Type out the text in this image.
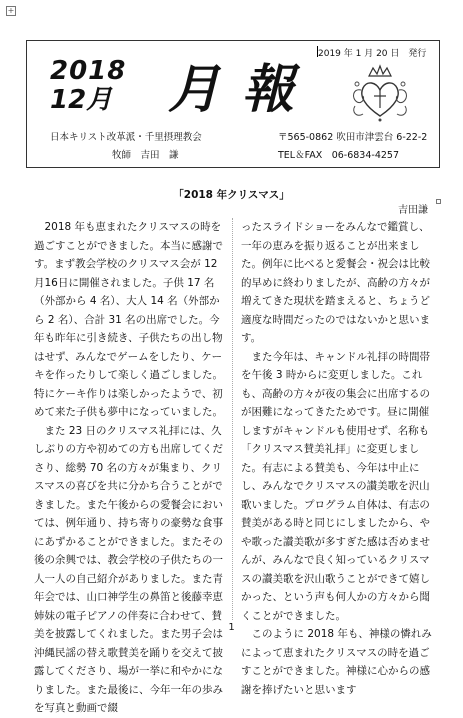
+
2019 年 1 月 20 日　発行
2018
12月 月報
日本キリスト改革派・千里摂理教会	〒565-0862 吹田市津雲台 6-22-2
牧師　吉田　謙	TEL＆FAX　06-6834-4257
「2018 年クリスマス」
吉田謙

2018 年も恵まれたクリスマスの時を過ごすことができました。本当に感謝です。まず教会学校のクリスマス会が 12 月16日に開催されました。子供 17 名（外部から 4 名）、大人 14 名（外部から 2 名）、合計 31 名の出席でした。今年も昨年に引き続き、子供たちの出し物はせず、みんなでゲームをしたり、ケーキを作ったりして楽しく過ごしました。特にケーキ作りは楽しかったようで、初めて来た子供も夢中になっていました。

また 23 日のクリスマス礼拝には、久しぶりの方や初めての方も出席してくださり、総勢 70 名の方々が集まり、クリスマスの喜びを共に分かち合うことができました。また午後からの愛餐会においては、例年通り、持ち寄りの豪勢な食事にあずかることができました。またその後の余興では、教会学校の子供たちの一人一人の自己紹介がありました。また青年会では、山口神学生の鼻笛と後藤幸恵姉妹の電子ピアノの伴奏に合わせて、賛美を披露してくれました。また男子会は沖縄民謡の替え歌賛美を踊りを交えて披露してくださり、場が一挙に和やかになりました。また最後に、今年一年の歩みを写真と動画で綴

ったスライドショーをみんなで鑑賞し、一年の恵みを振り返ることが出来ました。例年に比べると愛餐会・祝会は比較的早めに終わりましたが、高齢の方々が増えてきた現状を踏まえると、ちょうど適度な時間だったのではないかと思います。

また今年は、キャンドル礼拝の時間帯を午後 3 時からに変更しました。これも、高齢の方々が夜の集会に出席するのが困難になってきたためです。昼に開催しますがキャンドルも使用せず、名称も「クリスマス賛美礼拝」に変更しました。有志による賛美も、今年は中止にし、みんなでクリスマスの讃美歌を沢山歌いました。プログラム自体は、有志の賛美がある時と同じにしましたから、やや歌った讃美歌が多すぎた感は否めませんが、みんなで良く知っているクリスマスの讃美歌を沢山歌うことができて嬉しかった、という声も何人かの方々から聞くことができました。

このように 2018 年も、神様の憐れみによって恵まれたクリスマスの時を過ごすことができました。神様に心からの感謝を捧げたいと思います

1
